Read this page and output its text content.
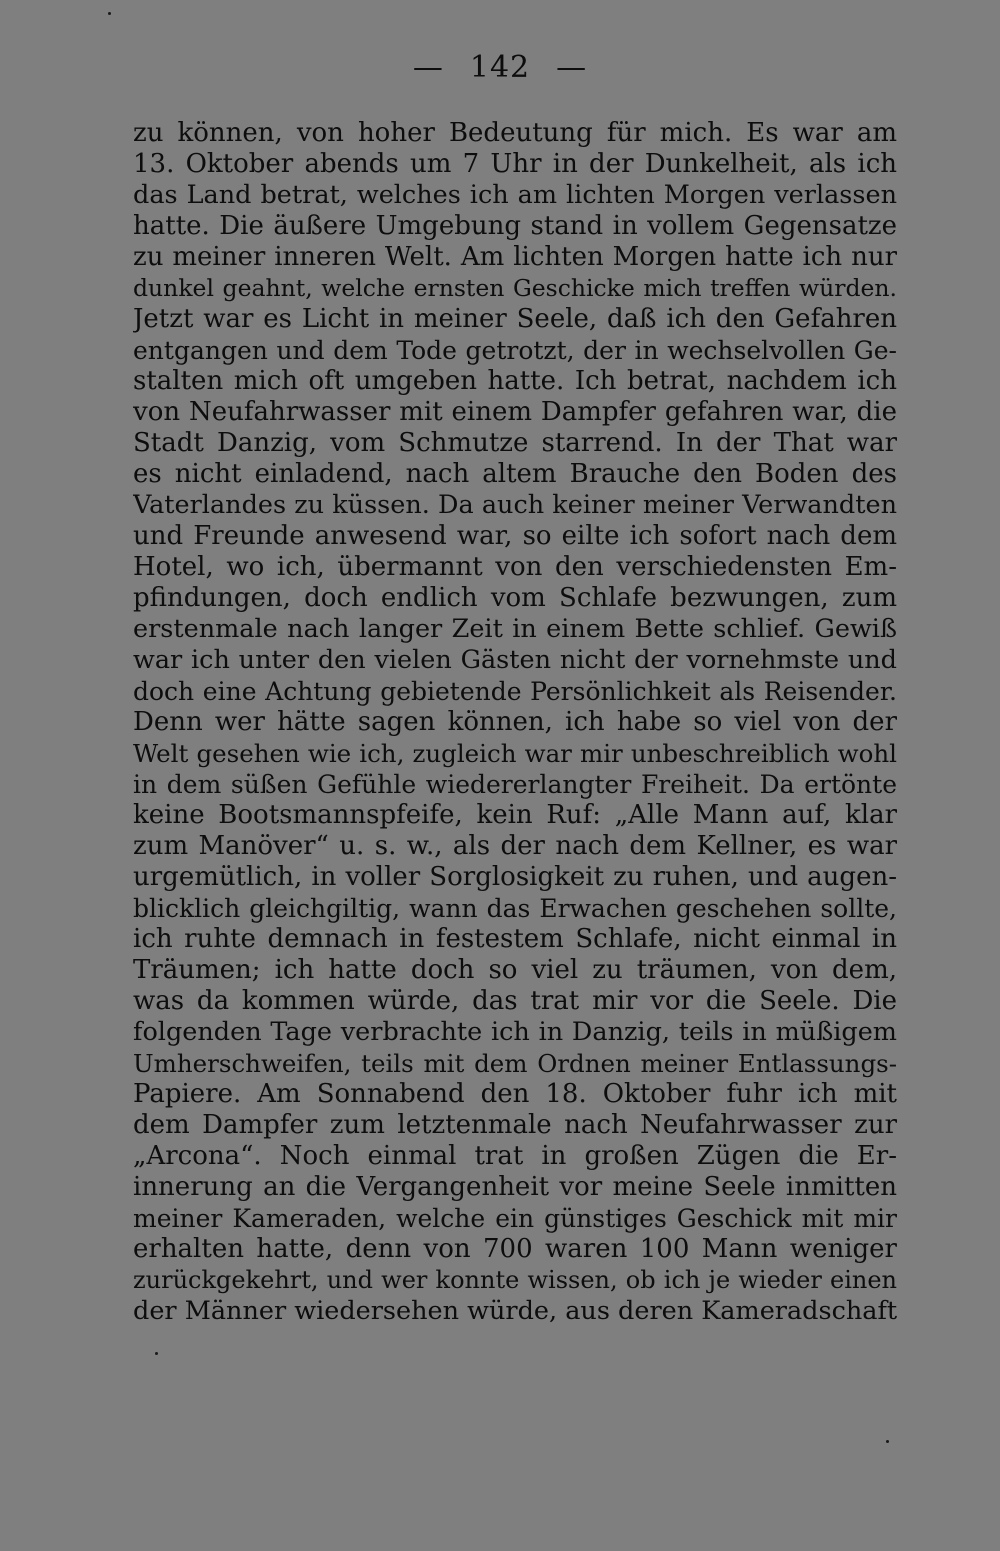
— 142 —
zu können, von hoher Bedeutung für mich. Es war am
13. Oktober abends um 7 Uhr in der Dunkelheit, als ich
das Land betrat, welches ich am lichten Morgen verlassen
hatte. Die äußere Umgebung stand in vollem Gegensatze
zu meiner inneren Welt. Am lichten Morgen hatte ich nur
dunkel geahnt, welche ernsten Geschicke mich treffen würden.
Jetzt war es Licht in meiner Seele, daß ich den Gefahren
entgangen und dem Tode getrotzt, der in wechselvollen Ge-
stalten mich oft umgeben hatte. Ich betrat, nachdem ich
von Neufahrwasser mit einem Dampfer gefahren war, die
Stadt Danzig, vom Schmutze starrend. In der That war
es nicht einladend, nach altem Brauche den Boden des
Vaterlandes zu küssen. Da auch keiner meiner Verwandten
und Freunde anwesend war, so eilte ich sofort nach dem
Hotel, wo ich, übermannt von den verschiedensten Em-
pfindungen, doch endlich vom Schlafe bezwungen, zum
erstenmale nach langer Zeit in einem Bette schlief. Gewiß
war ich unter den vielen Gästen nicht der vornehmste und
doch eine Achtung gebietende Persönlichkeit als Reisender.
Denn wer hätte sagen können, ich habe so viel von der
Welt gesehen wie ich, zugleich war mir unbeschreiblich wohl
in dem süßen Gefühle wiedererlangter Freiheit. Da ertönte
keine Bootsmannspfeife, kein Ruf: „Alle Mann auf, klar
zum Manöver“ u. s. w., als der nach dem Kellner, es war
urgemütlich, in voller Sorglosigkeit zu ruhen, und augen-
blicklich gleichgiltig, wann das Erwachen geschehen sollte,
ich ruhte demnach in festestem Schlafe, nicht einmal in
Träumen; ich hatte doch so viel zu träumen, von dem,
was da kommen würde, das trat mir vor die Seele. Die
folgenden Tage verbrachte ich in Danzig, teils in müßigem
Umherschweifen, teils mit dem Ordnen meiner Entlassungs-
Papiere. Am Sonnabend den 18. Oktober fuhr ich mit
dem Dampfer zum letztenmale nach Neufahrwasser zur
„Arcona“. Noch einmal trat in großen Zügen die Er-
innerung an die Vergangenheit vor meine Seele inmitten
meiner Kameraden, welche ein günstiges Geschick mit mir
erhalten hatte, denn von 700 waren 100 Mann weniger
zurückgekehrt, und wer konnte wissen, ob ich je wieder einen
der Männer wiedersehen würde, aus deren Kameradschaft
